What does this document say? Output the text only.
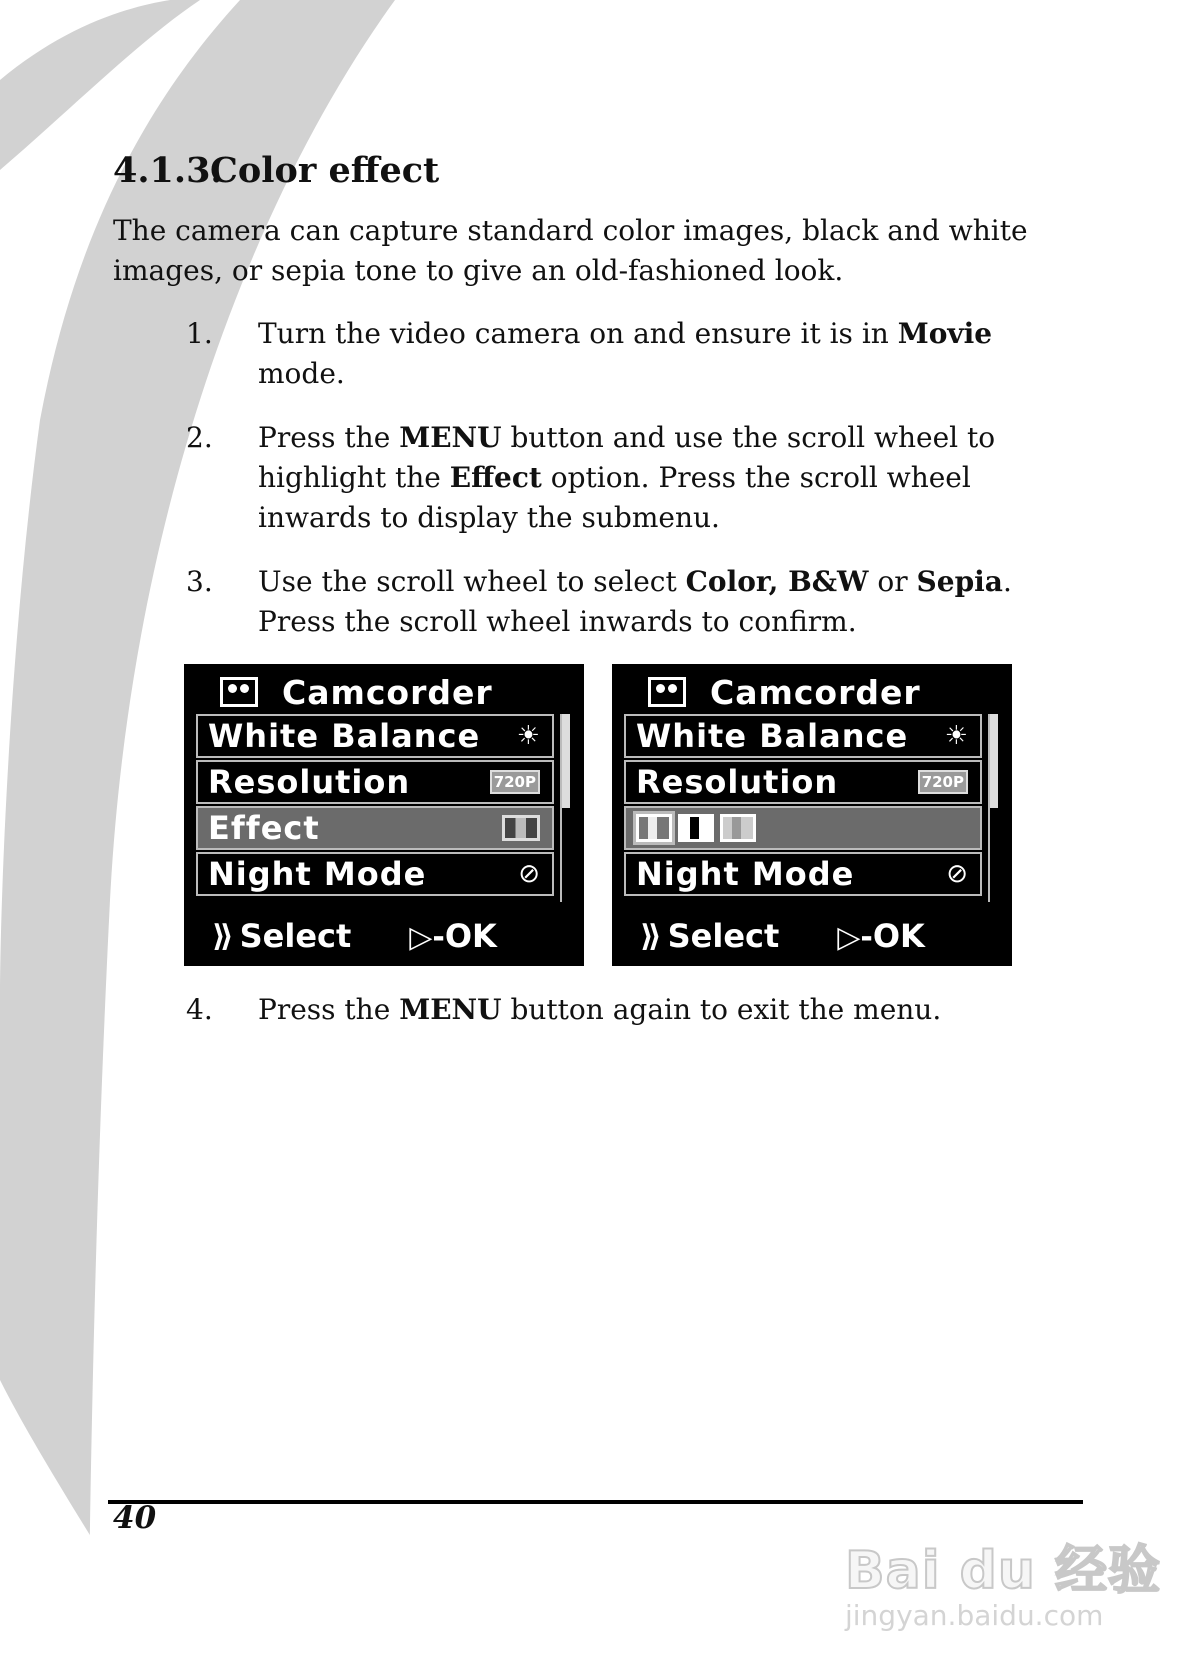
4.1.3.Color effect

The camera can capture standard color images, black and white images, or sepia tone to give an old-fashioned look.

1. Turn the video camera on and ensure it is in Movie
mode.
2. Press the MENU button and use the scroll wheel to highlight the Effect option. Press the scroll wheel inwards to display the submenu.
3. Use the scroll wheel to select Color, B&W or Sepia. Press the scroll wheel inwards to confirm.
Camcorder
White Balance ☀
Resolution	720P
Effect
Night Mode	⊘
⟫ Select ▷-OK
Camcorder
White Balance ☀
Resolution	720P
Night Mode	⊘
⟫ Select ▷-OK
4. Press the MENU button again to exit the menu.
40
Bai du 经验
jingyan.baidu.com
